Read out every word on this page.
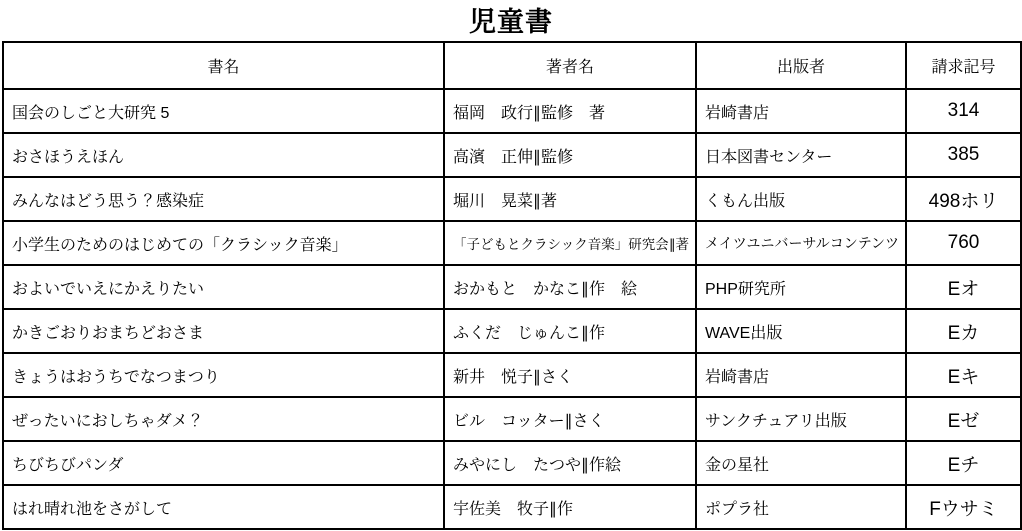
児童書
書名	著者名	出版者	請求記号
国会のしごと大研究 5	福岡　政行∥監修　著	岩崎書店	314
おさほうえほん	高濱　正伸∥監修	日本図書センター	385
みんなはどう思う？感染症	堀川　晃菜∥著	くもん出版	498ホリ
小学生のためのはじめての「クラシック音楽」	「子どもとクラシック音楽」研究会∥著	メイツユニバーサルコンテンツ	760
およいでいえにかえりたい	おかもと　かなこ∥作　絵	PHP研究所	Eオ
かきごおりおまちどおさま	ふくだ　じゅんこ∥作	WAVE出版	Eカ
きょうはおうちでなつまつり	新井　悦子∥さく	岩崎書店	Eキ
ぜったいにおしちゃダメ？	ビル　コッター∥さく	サンクチュアリ出版	Eゼ
ちびちびパンダ	みやにし　たつや∥作絵	金の星社	Eチ
はれ晴れ池をさがして	宇佐美　牧子∥作	ポプラ社	Fウサミ
